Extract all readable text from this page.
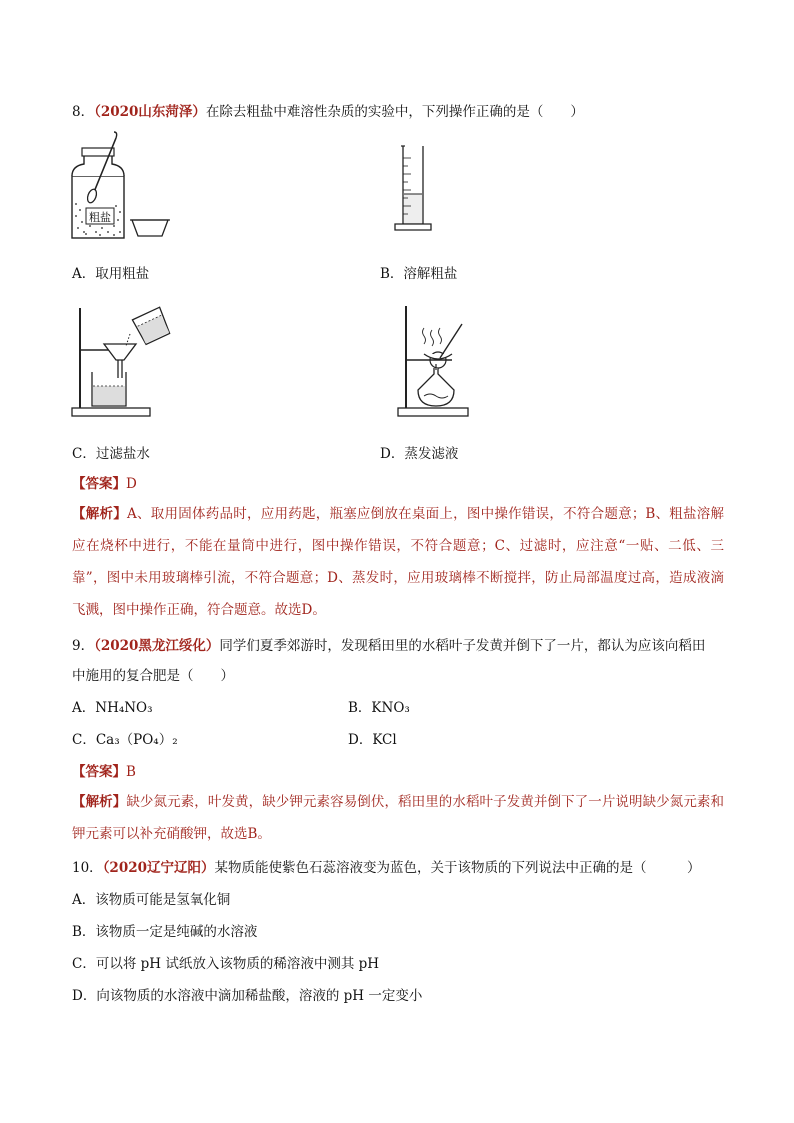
8．（2020山东菏泽）在除去粗盐中难溶性杂质的实验中，下列操作正确的是（　　）
粗盐
A．取用粗盐	B．溶解粗盐
C．过滤盐水	D．蒸发滤液
【答案】D
【解析】A、取用固体药品时，应用药匙，瓶塞应倒放在桌面上，图中操作错误，不符合题意；B、粗盐溶解应在烧杯中进行，不能在量筒中进行，图中操作错误，不符合题意；C、过滤时，应注意“一贴、二低、三靠”，图中未用玻璃棒引流，不符合题意；D、蒸发时，应用玻璃棒不断搅拌，防止局部温度过高，造成液滴飞溅，图中操作正确，符合题意。故选D。
9．（2020黑龙江绥化）同学们夏季郊游时，发现稻田里的水稻叶子发黄并倒下了一片，都认为应该向稻田
中施用的复合肥是（　　）
A．NH₄NO₃	B．KNO₃
C．Ca₃（PO₄）₂	D．KCl
【答案】B
【解析】缺少氮元素，叶发黄，缺少钾元素容易倒伏，稻田里的水稻叶子发黄并倒下了一片说明缺少氮元素和钾元素可以补充硝酸钾，故选B。
10．（2020辽宁辽阳）某物质能使紫色石蕊溶液变为蓝色，关于该物质的下列说法中正确的是（　　　）
A．该物质可能是氢氧化铜
B．该物质一定是纯碱的水溶液
C．可以将 pH 试纸放入该物质的稀溶液中测其 pH
D．向该物质的水溶液中滴加稀盐酸，溶液的 pH 一定变小
